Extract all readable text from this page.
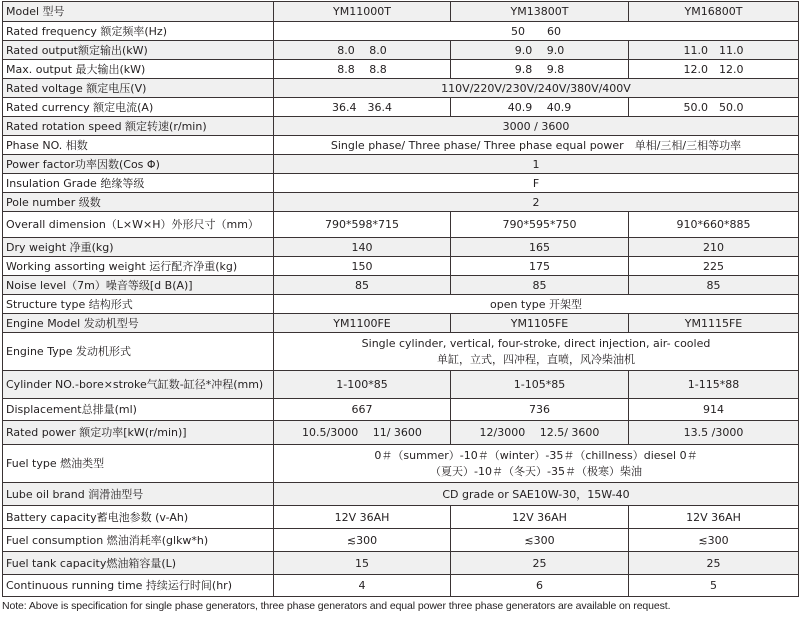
Model 型号	YM11000T	YM13800T	YM16800T
Rated frequency 额定频率(Hz)	50　　60		
Rated output额定输出(kW)	8.0　 8.0	9.0　 9.0	11.0　11.0
Max. output 最大输出(kW)	8.8　 8.8	9.8　 9.8	12.0　12.0
Rated voltage 额定电压(V)	110V/220V/230V/240V/380V/400V		
Rated currency 额定电流(A)	36.4　36.4	40.9　 40.9	50.0　50.0
Rated rotation speed 额定转速(r/min)	3000 / 3600		
Phase NO. 相数	Single phase/ Three phase/ Three phase equal power　单相/三相/三相等功率		
Power factor功率因数(Cos Φ)	1		
Insulation Grade 绝缘等级	F		
Pole number 级数	2		
Overall dimension（L×W×H）外形尺寸（mm）	790*598*715	790*595*750	910*660*885
Dry weight 净重(kg)	140	165	210
Working assorting weight 运行配齐净重(kg)	150	175	225
Noise level（7m）噪音等级[d B(A)]	85	85	85
Structure type 结构形式	open type 开架型		
Engine Model 发动机型号	YM1100FE	YM1105FE	YM1115FE
Engine Type 发动机形式	Single cylinder, vertical, four-stroke, direct injection, air- cooled
单缸，立式，四冲程，直喷，风冷柴油机		

Cylinder NO.-bore×stroke气缸数-缸径*冲程(mm)	1-100*85	1-105*85	1-115*88
Displacement总排量(ml)	667	736	914
Rated power 额定功率[kW(r/min)]	10.5/3000　 11/ 3600	12/3000　 12.5/ 3600	13.5 /3000
Fuel type 燃油类型	0＃（summer）-10＃（winter）-35＃（chillness）diesel 0＃
（夏天）-10＃（冬天）-35＃（极寒）柴油		

Lube oil brand 润滑油型号	CD grade or SAE10W-30，15W-40		
Battery capacity蓄电池参数 (v-Ah)	12V 36AH	12V 36AH	12V 36AH
Fuel consumption 燃油消耗率(glkw*h)	≲300	≲300	≲300
Fuel tank capacity燃油箱容量(L)	15	25	25
Continuous running time 持续运行时间(hr)	4	6	5
Note: Above is specification for single phase generators, three phase generators and equal power three phase generators are available on request.
